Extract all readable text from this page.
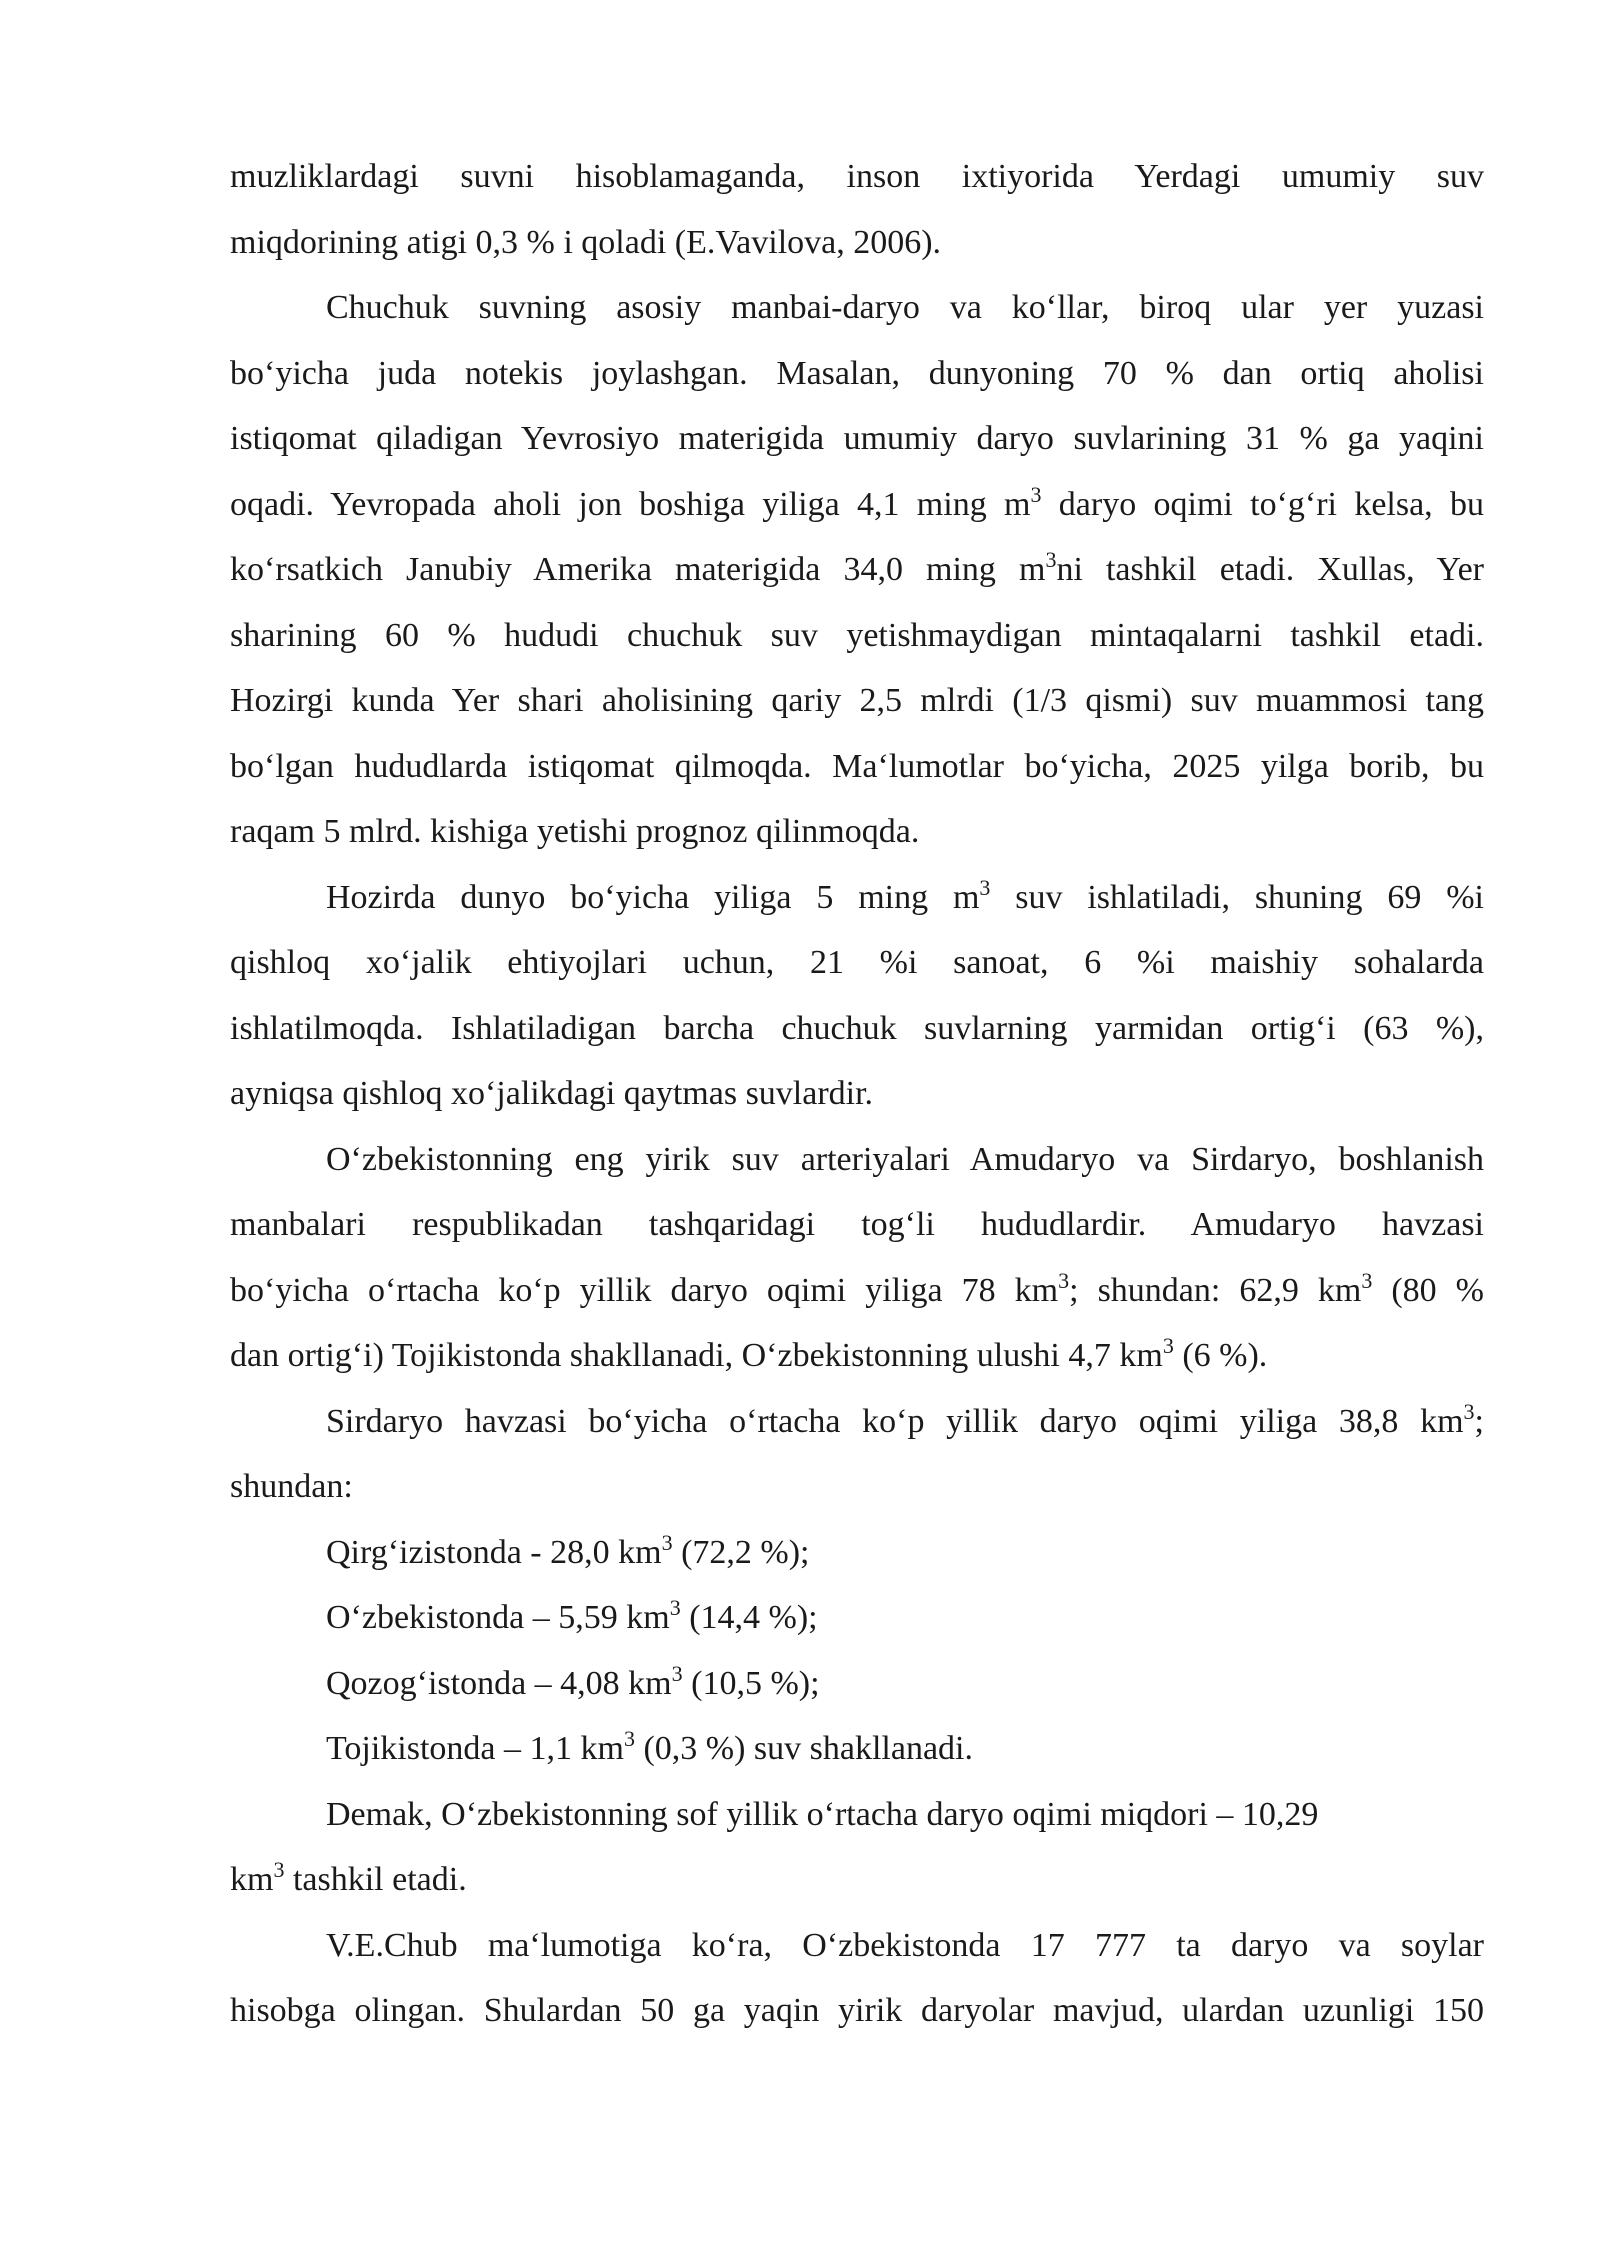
muzliklardagi suvni hisoblamaganda, inson ixtiyorida Yerdagi umumiy suv
miqdorining atigi 0,3 % i qoladi (E.Vavilova, 2006).
Chuchuk suvning asosiy manbai-daryo va ko‘llar, biroq ular yer yuzasi
bo‘yicha juda notekis joylashgan. Masalan, dunyoning 70 % dan ortiq aholisi
istiqomat qiladigan Yevrosiyo materigida umumiy daryo suvlarining 31 % ga yaqini
oqadi. Yevropada aholi jon boshiga yiliga 4,1 ming $m^3$ daryo oqimi to‘g‘ri kelsa, bu
ko‘rsatkich Janubiy Amerika materigida 34,0 ming $m^3ni$ tashkil etadi. Xullas, Yer
sharining 60 % hududi chuchuk suv yetishmaydigan mintaqalarni tashkil etadi.
Hozirgi kunda Yer shari aholisining qariy 2,5 mlrdi (1/3 qismi) suv muammosi tang
bo‘lgan hududlarda istiqomat qilmoqda. Ma‘lumotlar bo‘yicha, 2025 yilga borib, bu
raqam 5 mlrd. kishiga yetishi prognoz qilinmoqda.
Hozirda dunyo bo‘yicha yiliga 5 ming $m^3$ suv ishlatiladi, shuning 69 %i
qishloq xo‘jalik ehtiyojlari uchun, 21 %i sanoat, 6 %i maishiy sohalarda
ishlatilmoqda. Ishlatiladigan barcha chuchuk suvlarning yarmidan ortig‘i (63 %),
ayniqsa qishloq xo‘jalikdagi qaytmas suvlardir.
O‘zbekistonning eng yirik suv arteriyalari Amudaryo va Sirdaryo, boshlanish
manbalari respublikadan tashqaridagi tog‘li hududlardir. Amudaryo havzasi
bo‘yicha o‘rtacha ko‘p yillik daryo oqimi yiliga 78 $km^3$; shundan: 62,9 $km^3$ (80 %
dan ortig‘i) Tojikistonda shakllanadi, O‘zbekistonning ulushi 4,7 $km^3$ (6 %).
Sirdaryo havzasi bo‘yicha o‘rtacha ko‘p yillik daryo oqimi yiliga 38,8 $km^3$;
shundan:
Qirg‘izistonda - 28,0 $km^3$ (72,2 %);
O‘zbekistonda – 5,59 $km^3$ (14,4 %);
Qozog‘istonda – 4,08 $km^3$ (10,5 %);
Tojikistonda – 1,1 $km^3$ (0,3 %) suv shakllanadi.
Demak, O‘zbekistonning sof yillik o‘rtacha daryo oqimi miqdori – 10,29
$km^3$ tashkil etadi.
V.E.Chub ma‘lumotiga ko‘ra, O‘zbekistonda 17 777 ta daryo va soylar
hisobga olingan. Shulardan 50 ga yaqin yirik daryolar mavjud, ulardan uzunligi 150
